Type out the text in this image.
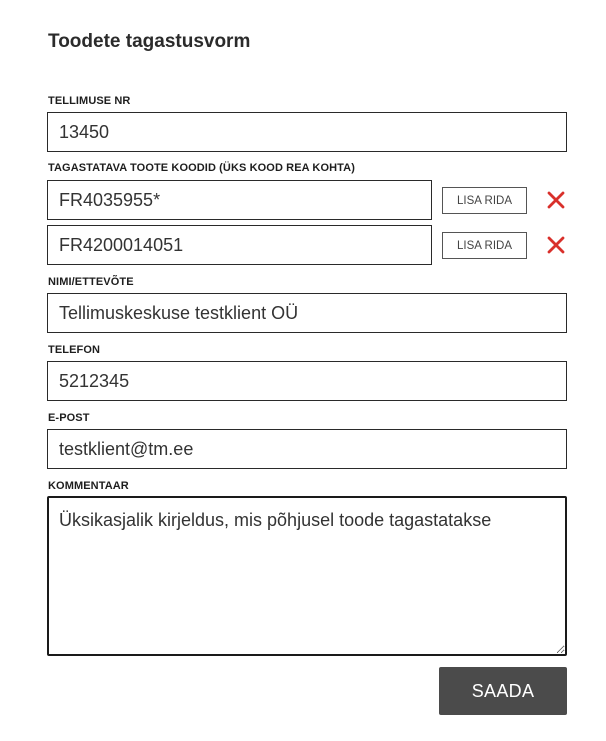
Toodete tagastusvorm
TELLIMUSE NR
13450
TAGASTATAVA TOOTE KOODID (ÜKS KOOD REA KOHTA)
FR4035955*
LISA RIDA
FR4200014051
LISA RIDA
NIMI/ETTEVÕTE
Tellimuskeskuse testklient OÜ
TELEFON
5212345
E-POST
testklient@tm.ee
KOMMENTAAR
Üksikasjalik kirjeldus, mis põhjusel toode tagastatakse
SAADA
